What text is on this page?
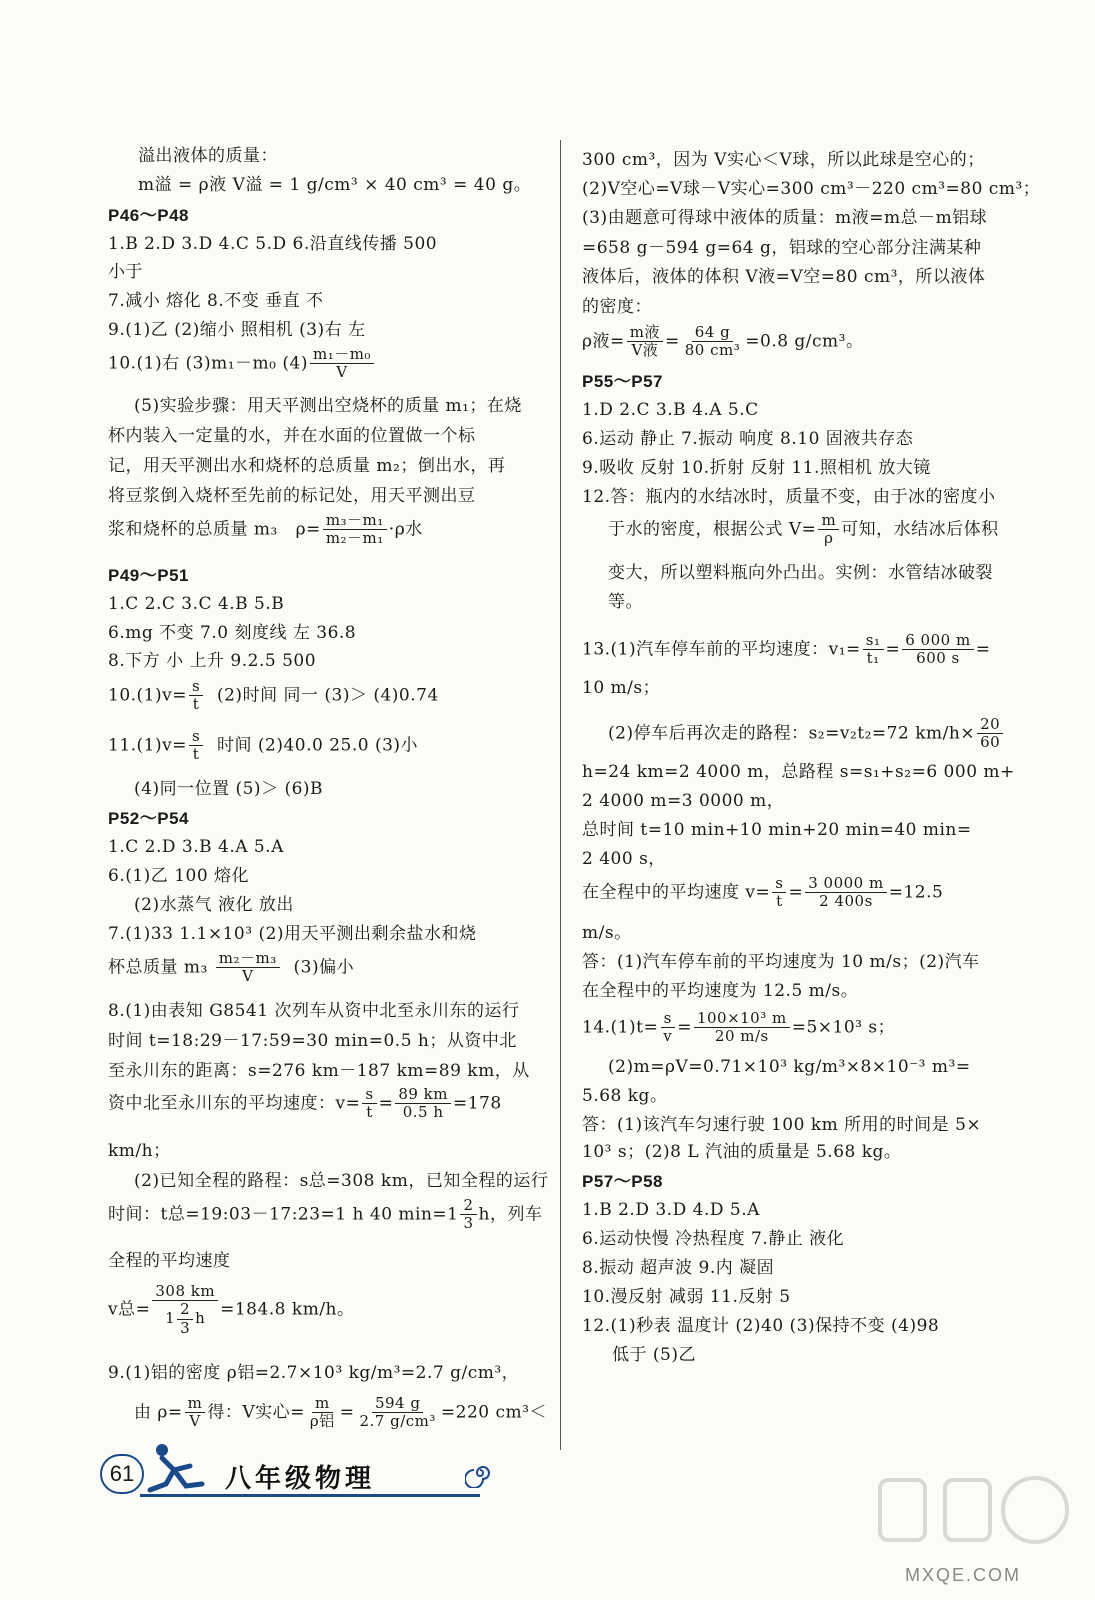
溢出液体的质量：
m溢 = ρ液 V溢 = 1 g/cm³ × 40 cm³ = 40 g。
P46～P48
1.B 2.D 3.D 4.C 5.D 6.沿直线传播 500
小于
7.减小 熔化 8.不变 垂直 不
9.(1)乙 (2)缩小 照相机 (3)右 左
10.(1)右 (3)m₁－m₀ $(4) \frac{\text{m₁－m₀}}{V}$
(5)实验步骤：用天平测出空烧杯的质量 m₁；在烧
杯内装入一定量的水，并在水面的位置做一个标
记，用天平测出水和烧杯的总质量 m₂；倒出水，再
将豆浆倒入烧杯至先前的标记处，用天平测出豆
浆和烧杯的总质量 m₃ $\rho= \frac{\text{m₃－m₁}}{\text{m₂－m₁}} \cdot\rho$水
P49～P51
1.C 2.C 3.C 4.B 5.B
6.mg 不变 7.0 刻度线 左 36.8
8.下方 小 上升 9.2.5 500
$10.(1)v= \frac{s}{t} (2)$时间 同一 (3)＞ (4)0.74
$11.(1)v= \frac{s}{t}$ 时间 (2)40.0 25.0 (3)小
(4)同一位置 (5)＞ (6)B
P52～P54
1.C 2.D 3.B 4.A 5.A
6.(1)乙 100 熔化
(2)水蒸气 液化 放出
7.(1)33 1.1×10³ (2)用天平测出剩余盐水和烧
杯总质量 $m_3 \frac{\text{m₂－m₃}}{V} (3)$偏小
8.(1)由表知 G8541 次列车从资中北至永川东的运行
时间 t=18:29－17:59=30 min=0.5 h；从资中北
至永川东的距离：s=276 km－187 km=89 km，从
资中北至永川东的平均速度：$v= \frac{s}{t} = \frac{89 km}{0.5 h} =178$
km/h；
(2)已知全程的路程：s总=308 km，已知全程的运行
时间：t总=19:03－17:23=1 h 40 $\min=1 \frac{2}{3}$ h，列车
全程的平均速度
v总= $\frac{308 km}{1 \frac{2}{3} h} =184.8$ km/h。
9.(1)铝的密度 ρ铝=2.7×10³ kg/m³=2.7 g/cm³，
由 $\rho= \frac{m}{V}$ 得：V实心= $\frac{m}{\text{ρ铝}} = \frac{594 g}{\text{2.7 g/cm³}} =220$ cm³＜
300 cm³，因为 V实心＜V球，所以此球是空心的；
(2)V空心=V球－V实心=300 cm³－220 cm³=80 cm³；
(3)由题意可得球中液体的质量：m液=m总－m铝球
=658 g－594 g=64 g，铝球的空心部分注满某种
液体后，液体的体积 V液=V空=80 cm³，所以液体
的密度：
ρ液= $\frac{\text{m液}}{\text{V液}} = \frac{64 g}{\text{80 cm³}} =0.8$ g/cm³。
P55～P57
1.D 2.C 3.B 4.A 5.C
6.运动 静止 7.振动 响度 8.10 固液共存态
9.吸收 反射 10.折射 反射 11.照相机 放大镜
12.答：瓶内的水结冰时，质量不变，由于冰的密度小
于水的密度，根据公式 $V= \frac{m}{\rho}$ 可知，水结冰后体积
变大，所以塑料瓶向外凸出。实例：水管结冰破裂
等。
13.(1)汽车停车前的平均速度：$v_1= \frac{\text{s₁}}{\text{t₁}} = \frac{6 000 m}{600 s}$ =
10 m/s；
(2)停车后再次走的路程：s₂=v₂t₂=72 $km/h\times \frac{20}{60}$
h=24 km=2 4000 m，总路程 s=s₁+s₂=6 000 m+
2 4000 m=3 0000 m，
总时间 t=10 min+10 min+20 min=40 min=
2 400 s，
在全程中的平均速度 $v= \frac{s}{t} = \frac{3 0000 m}{2 400s} =12.5$
m/s。
答：(1)汽车停车前的平均速度为 10 m/s；(2)汽车
在全程中的平均速度为 12.5 m/s。
$14.(1)t= \frac{s}{v} = \frac{\text{100×10³ m}}{20 m/s} =5\times 10^3$ s；
(2)m=ρV=0.71×10³ kg/m³×8×10⁻³ m³=
5.68 kg。
答：(1)该汽车匀速行驶 100 km 所用的时间是 5×
10³ s；(2)8 L 汽油的质量是 5.68 kg。
P57～P58
1.B 2.D 3.D 4.D 5.A
6.运动快慢 冷热程度 7.静止 液化
8.振动 超声波 9.内 凝固
10.漫反射 减弱 11.反射 5
12.(1)秒表 温度计 (2)40 (3)保持不变 (4)98
低于 (5)乙
61	八年级物理
MXQE.COM
